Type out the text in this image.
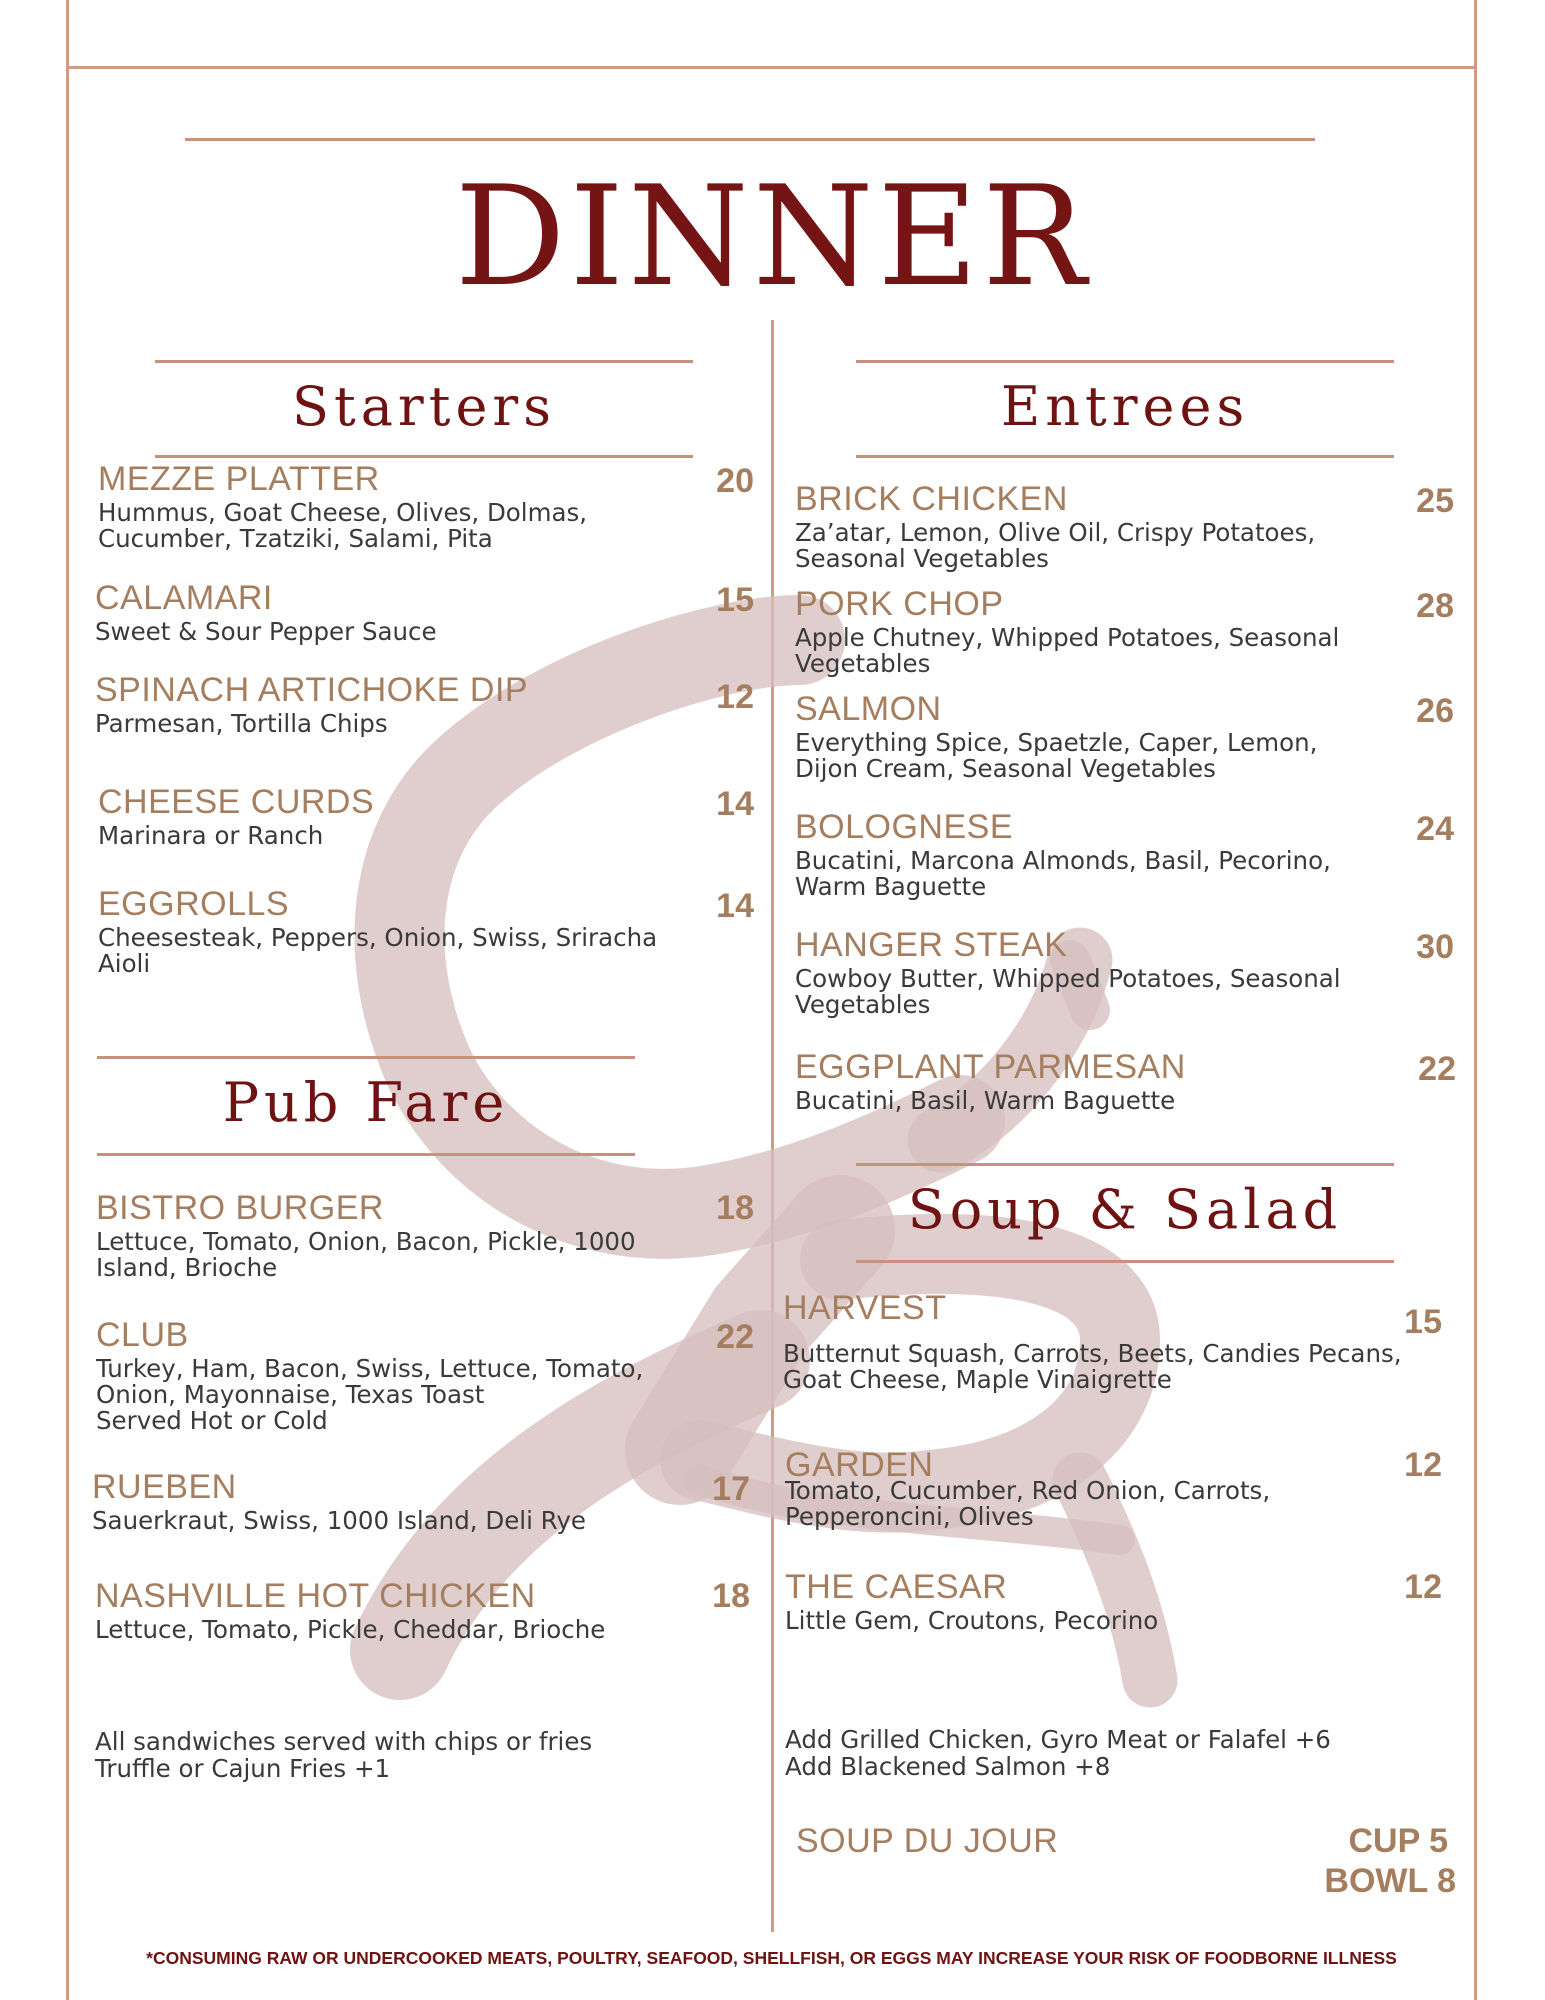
DINNER
Starters
MEZZE PLATTER
Hummus, Goat Cheese, Olives, Dolmas,
Cucumber, Tzatziki, Salami, Pita
20
CALAMARI
Sweet & Sour Pepper Sauce
15
SPINACH ARTICHOKE DIP
Parmesan, Tortilla Chips
12
CHEESE CURDS
Marinara or Ranch
14
EGGROLLS
Cheesesteak, Peppers, Onion, Swiss, Sriracha
Aioli
14
Pub Fare
BISTRO BURGER
Lettuce, Tomato, Onion, Bacon, Pickle, 1000
Island, Brioche
18
CLUB
Turkey, Ham, Bacon, Swiss, Lettuce, Tomato,
Onion, Mayonnaise, Texas Toast
Served Hot or Cold
22
RUEBEN
Sauerkraut, Swiss, 1000 Island, Deli Rye
17
NASHVILLE HOT CHICKEN
Lettuce, Tomato, Pickle, Cheddar, Brioche
18
All sandwiches served with chips or fries
Truffle or Cajun Fries +1
Entrees
BRICK CHICKEN
Za’atar, Lemon, Olive Oil, Crispy Potatoes,
Seasonal Vegetables
25
PORK CHOP
Apple Chutney, Whipped Potatoes, Seasonal
Vegetables
28
SALMON
Everything Spice, Spaetzle, Caper, Lemon,
Dijon Cream, Seasonal Vegetables
26
BOLOGNESE
Bucatini, Marcona Almonds, Basil, Pecorino,
Warm Baguette
24
HANGER STEAK
Cowboy Butter, Whipped Potatoes, Seasonal
Vegetables
30
EGGPLANT PARMESAN
Bucatini, Basil, Warm Baguette
22
Soup & Salad
HARVEST
Butternut Squash, Carrots, Beets, Candies Pecans,
Goat Cheese, Maple Vinaigrette
15
GARDEN
Tomato, Cucumber, Red Onion, Carrots,
Pepperoncini, Olives
12
THE CAESAR
Little Gem, Croutons, Pecorino
12
Add Grilled Chicken, Gyro Meat or Falafel +6
Add Blackened Salmon +8
SOUP DU JOUR	CUP 5
BOWL 8
*CONSUMING RAW OR UNDERCOOKED MEATS, POULTRY, SEAFOOD, SHELLFISH, OR EGGS MAY INCREASE YOUR RISK OF FOODBORNE ILLNESS
